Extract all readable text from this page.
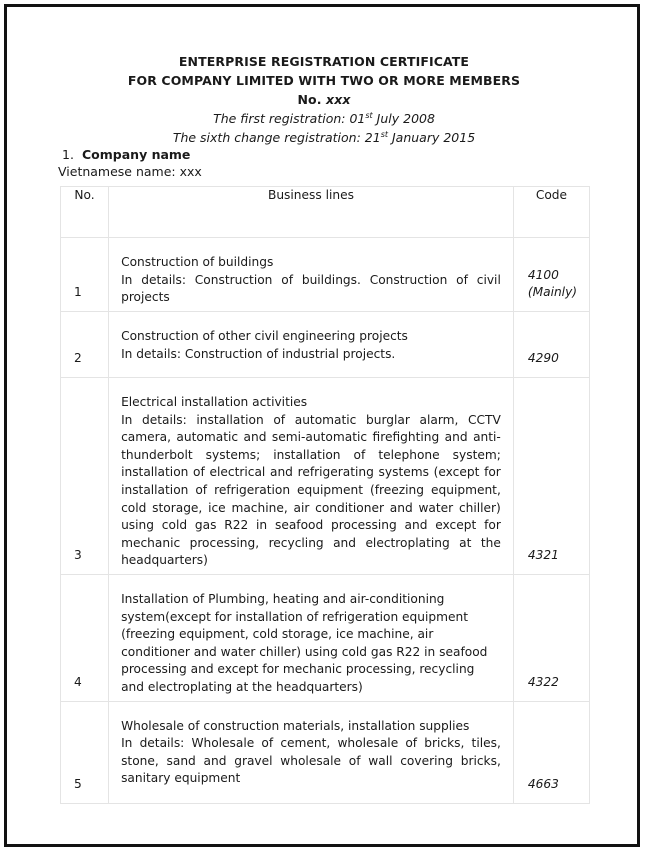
ENTERPRISE REGISTRATION CERTIFICATE
FOR COMPANY LIMITED WITH TWO OR MORE MEMBERS
No. xxx
The first registration: 01st July 2008
The sixth change registration: 21st January 2015
1. Company name
Vietnamese name: xxx
No.	Business lines	Code
1	Construction of buildings
In details: Construction of buildings. Construction of civil projects	4100
(Mainly)

2	Construction of other civil engineering projects
In details: Construction of industrial projects.	4290

3	Electrical installation activities
In details: installation of automatic burglar alarm, CCTV camera, automatic and semi-automatic firefighting and anti-thunderbolt systems; installation of telephone system; installation of electrical and refrigerating systems (except for installation of refrigeration equipment (freezing equipment, cold storage, ice machine, air conditioner and water chiller) using cold gas R22 in seafood processing and except for mechanic processing, recycling and electroplating at the headquarters)	4321

4	Installation of Plumbing, heating and air-conditioning
system(except for installation of refrigeration equipment (freezing equipment, cold storage, ice machine, air conditioner and water chiller) using cold gas R22 in seafood processing and except for mechanic processing, recycling and electroplating at the headquarters)	4322

5	Wholesale of construction materials, installation supplies
In details: Wholesale of cement, wholesale of bricks, tiles, stone, sand and gravel wholesale of wall covering bricks, sanitary equipment	4663
